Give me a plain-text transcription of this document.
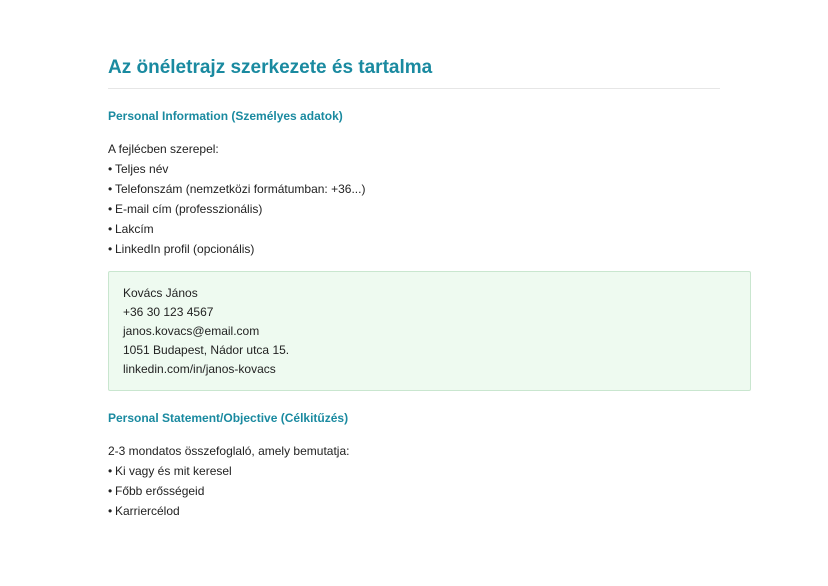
Az önéletrajz szerkezete és tartalma
Personal Information (Személyes adatok)

A fejlécben szerepel:

• Teljes név
• Telefonszám (nemzetközi formátumban: +36...)
• E-mail cím (professzionális)
• Lakcím
• LinkedIn profil (opcionális)
Kovács János
+36 30 123 4567
janos.kovacs@email.com
1051 Budapest, Nádor utca 15.
linkedin.com/in/janos-kovacs
Personal Statement/Objective (Célkitűzés)

2-3 mondatos összefoglaló, amely bemutatja:

• Ki vagy és mit keresel
• Főbb erősségeid
• Karriercélod
